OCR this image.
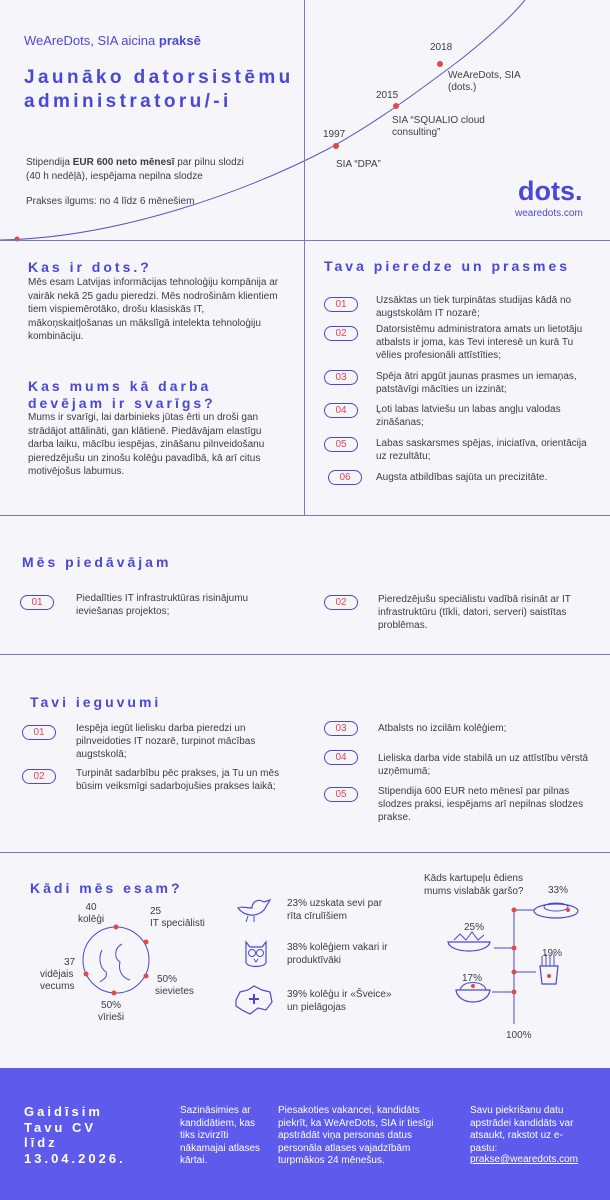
WeAreDots, SIA aicina praksē
Jaunāko datorsistēmu
administratoru/-i
Stipendija EUR 600 neto mēnesī par pilnu slodzi
(40 h nedēļā), iespējama nepilna slodze
Prakses ilgums: no 4 līdz 6 mēnešiem
1997
SIA “DPA”
2015
SIA “SQUALIO cloud consulting”
2018
WeAreDots, SIA (dots.)
dots.
wearedots.com
Kas ir dots.?
Mēs esam Latvijas informācijas tehnoloģiju kompānija ar vairāk nekā 25 gadu pieredzi. Mēs nodrošinām klientiem tiem vispiemērotāko, drošu klasiskās IT, mākoņskaitļošanas un mākslīgā intelekta tehnoloģiju kombināciju.
Kas mums kā darba
devējam ir svarīgs?
Mums ir svarīgi, lai darbinieks jūtas ērti un droši gan strādājot attālināti, gan klātienē. Piedāvājam elastīgu darba laiku, mācību iespējas, zināšanu pilnveidošanu pieredzējušu un zinošu kolēģu pavadībā, kā arī citus motivējošus labumus.
Tava pieredze un prasmes
01	Uzsāktas un tiek turpinātas studijas kādā no augstskolām IT nozarē;
02	Datorsistēmu administratora amats un lietotāju atbalsts ir joma, kas Tevi interesē un kurā Tu vēlies profesionāli attīstīties;
03	Spēja ātri apgūt jaunas prasmes un iemaņas, patstāvīgi mācīties un izzināt;
04	Ļoti labas latviešu un labas angļu valodas zināšanas;
05	Labas saskarsmes spējas, iniciatīva, orientācija uz rezultātu;
06	Augsta atbildības sajūta un precizitāte.
Mēs piedāvājam
01	Piedalīties IT infrastruktūras risinājumu ieviešanas projektos;
02	Pieredzējušu speciālistu vadībā risināt ar IT infrastruktūru (tīkli, datori, serveri) saistītas problēmas.
Tavi ieguvumi
01	Iespēja iegūt lielisku darba pieredzi un pilnveidoties IT nozarē, turpinot mācības augstskolā;
02	Turpināt sadarbību pēc prakses, ja Tu un mēs būsim veiksmīgi sadarbojušies prakses laikā;
03	Atbalsts no izcilām kolēģiem;
04	Lieliska darba vide stabilā un uz attīstību vērstā uzņēmumā;
05	Stipendija 600 EUR neto mēnesī par pilnas slodzes praksi, iespējams arī nepilnas slodzes prakse.
Kādi mēs esam?
40
kolēģi
25
IT speciālisti
37
vidējais
vecums
50%
sievietes
50%
vīrieši
23% uzskata sevi par rīta cīrulīšiem
38% kolēģiem vakari ir produktīvāki
39% kolēģu ir «Šveice» un pielāgojas
Kāds kartupeļu ēdiens mums vislabāk garšo?	33%
25%
19%
17%
100%
Gaidīsim
Tavu CV
līdz
13.04.2026.
Sazināsimies ar kandidātiem, kas tiks izvirzīti nākamajai atlases kārtai.
Piesakoties vakancei, kandidāts piekrīt, ka WeAreDots, SIA ir tiesīgi apstrādāt viņa personas datus personāla atlases vajadzībām turpmākos 24 mēnešus.
Savu piekrišanu datu apstrādei kandidāts var atsaukt, rakstot uz e-pastu:
prakse@wearedots.com
